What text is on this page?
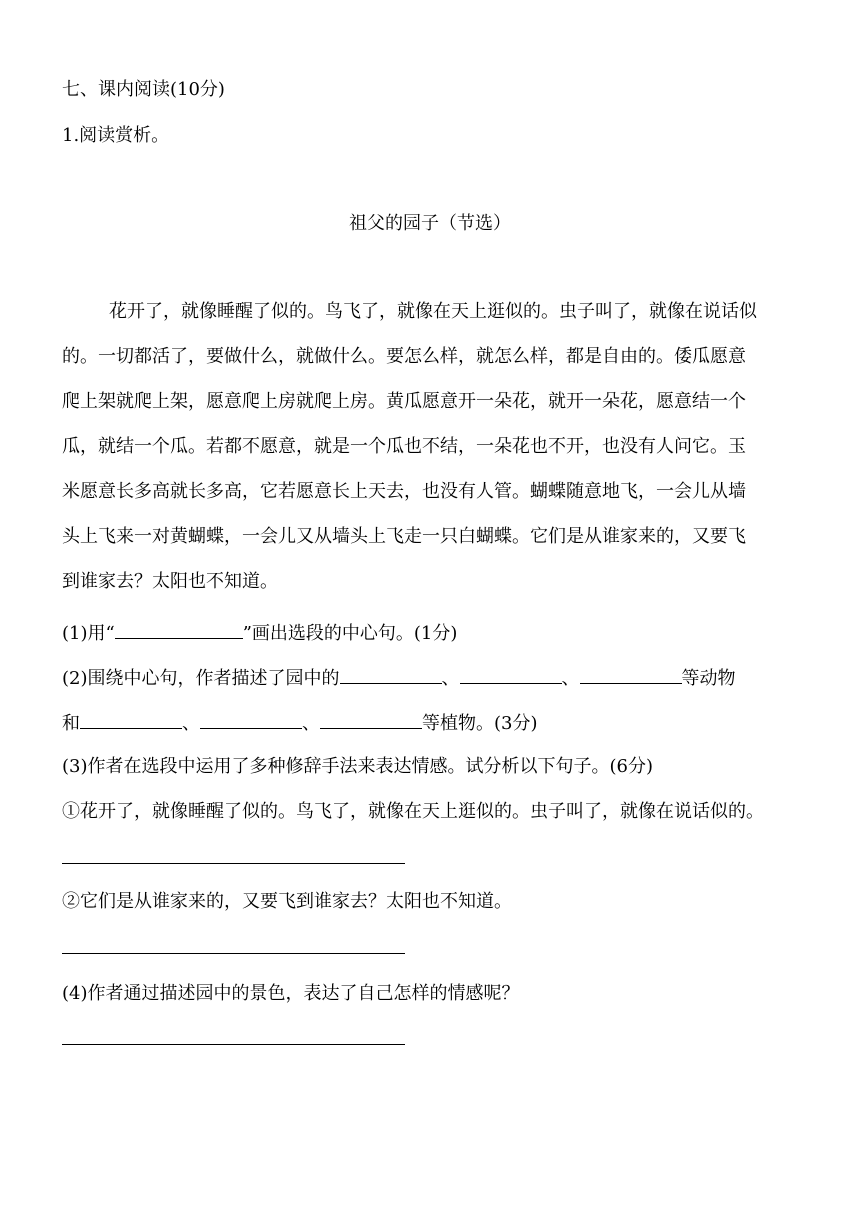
七、课内阅读(10分)
1.阅读赏析。
祖父的园子（节选）
花开了，就像睡醒了似的。鸟飞了，就像在天上逛似的。虫子叫了，就像在说话似
的。一切都活了，要做什么，就做什么。要怎么样，就怎么样，都是自由的。倭瓜愿意
爬上架就爬上架，愿意爬上房就爬上房。黄瓜愿意开一朵花，就开一朵花，愿意结一个
瓜，就结一个瓜。若都不愿意，就是一个瓜也不结，一朵花也不开，也没有人问它。玉
米愿意长多高就长多高，它若愿意长上天去，也没有人管。蝴蝶随意地飞，一会儿从墙
头上飞来一对黄蝴蝶，一会儿又从墙头上飞走一只白蝴蝶。它们是从谁家来的，又要飞
到谁家去？太阳也不知道。
(1)用“	”画出选段的中心句。(1分)
(2)围绕中心句，作者描述了园中的	、	、	等动物
和	、	、	等植物。(3分)
(3)作者在选段中运用了多种修辞手法来表达情感。试分析以下句子。(6分)
①花开了，就像睡醒了似的。鸟飞了，就像在天上逛似的。虫子叫了，就像在说话似的。
②它们是从谁家来的，又要飞到谁家去？太阳也不知道。
(4)作者通过描述园中的景色，表达了自己怎样的情感呢？
